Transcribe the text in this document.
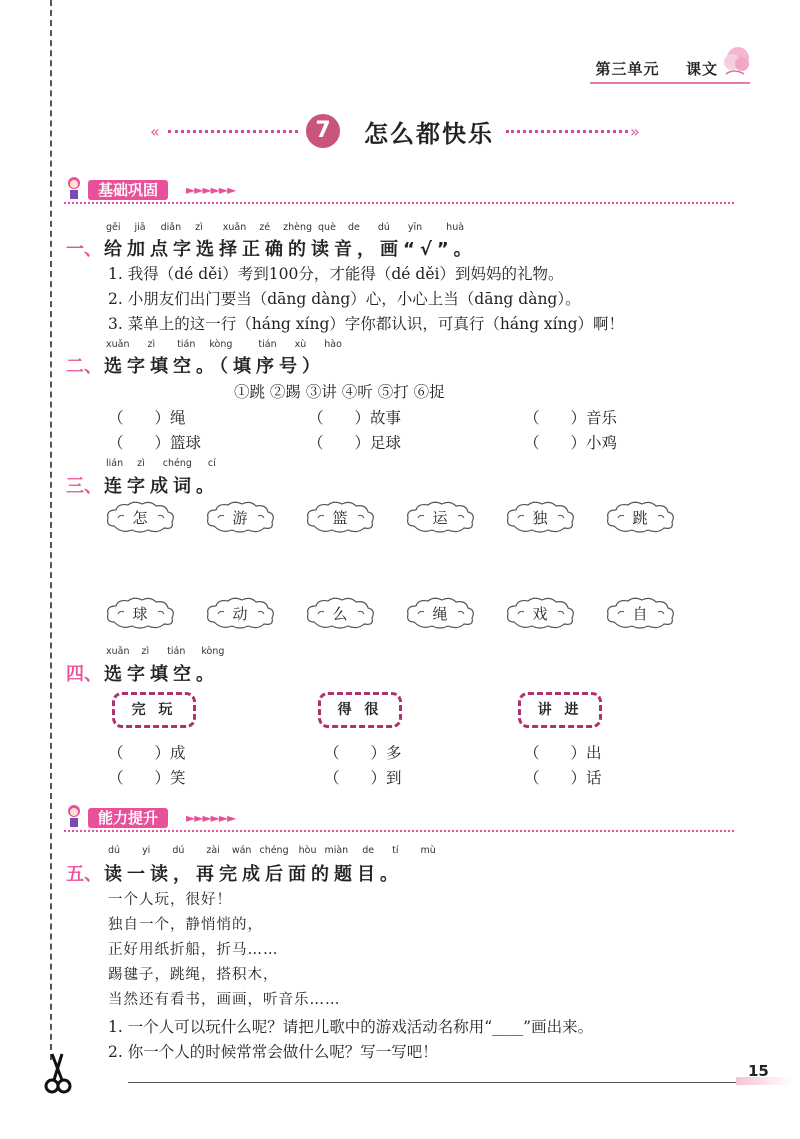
第三单元 课文
«	7	怎么都快乐	»
基础巩固	►►►►►►
gěi jiā diǎn zì xuǎn zé zhèng què de dú yīn	huà
一、 给加点字选择正确的读音，画“√”。
1. 我得（dé děi）考到100分，才能得（dé děi）到妈妈的礼物。
2. 小朋友们出门要当（dāng dàng）心，小心上当（dāng dàng）。
3. 菜单上的这一行（háng xíng）字你都认识，可真行（háng xíng）啊！
xuǎn zì tián kòng	tián xù hào
二、 选字填空。（填序号）
①跳 ②踢 ③讲 ④听 ⑤打 ⑥捉
（　　）绳	（　　）故事	（　　）音乐
（　　）篮球	（　　）足球	（　　）小鸡
lián zì chéng cí
三、 连字成词。
怎	游	篮	运	独	跳
球	动	么	绳	戏	自
xuǎn zì tián kòng
四、 选字填空。
完 玩	得 很	讲 进
（　　）成	（　　）多	（　　）出
（　　）笑	（　　）到	（　　）话
能力提升	►►►►►►
dú yi dú zài wán chéng hòu miàn de tí mù
五、 读一读，再完成后面的题目。
一个人玩，很好！
独自一个，静悄悄的，
正好用纸折船，折马……
踢毽子，跳绳，搭积木，
当然还有看书，画画，听音乐……
1. 一个人可以玩什么呢？请把儿歌中的游戏活动名称用“____”画出来。
2. 你一个人的时候常常会做什么呢？写一写吧！
15
